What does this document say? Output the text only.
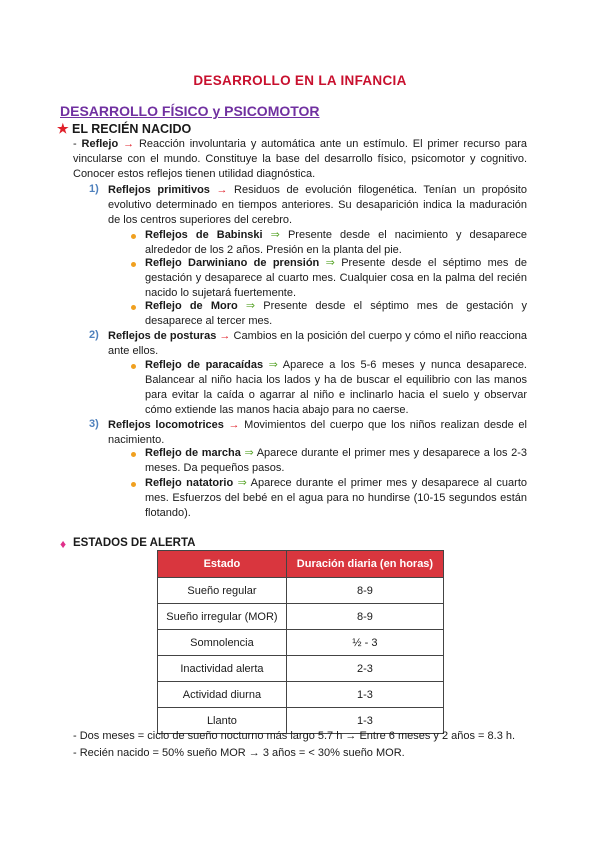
DESARROLLO EN LA INFANCIA
DESARROLLO FÍSICO y PSICOMOTOR
★ EL RECIÉN NACIDO
- Reflejo → Reacción involuntaria y automática ante un estímulo. El primer recurso para vincularse con el mundo. Constituye la base del desarrollo físico, psicomotor y cognitivo. Conocer estos reflejos tienen utilidad diagnóstica.
1) Reflejos primitivos → Residuos de evolución filogenética. Tenían un propósito evolutivo determinado en tiempos anteriores. Su desaparición indica la maduración de los centros superiores del cerebro.
Reflejos de Babinski ⇒ Presente desde el nacimiento y desaparece alrededor de los 2 años. Presión en la planta del pie.
Reflejo Darwiniano de prensión ⇒ Presente desde el séptimo mes de gestación y desaparece al cuarto mes. Cualquier cosa en la palma del recién nacido lo sujetará fuertemente.
Reflejo de Moro ⇒ Presente desde el séptimo mes de gestación y desaparece al tercer mes.
2) Reflejos de posturas → Cambios en la posición del cuerpo y cómo el niño reacciona ante ellos.
Reflejo de paracaídas ⇒ Aparece a los 5-6 meses y nunca desaparece. Balancear al niño hacia los lados y ha de buscar el equilibrio con las manos para evitar la caída o agarrar al niño e inclinarlo hacia el suelo y observar cómo extiende las manos hacia abajo para no caerse.
3) Reflejos locomotrices → Movimientos del cuerpo que los niños realizan desde el nacimiento.
Reflejo de marcha ⇒ Aparece durante el primer mes y desaparece a los 2-3 meses. Da pequeños pasos.
Reflejo natatorio ⇒ Aparece durante el primer mes y desaparece al cuarto mes. Esfuerzos del bebé en el agua para no hundirse (10-15 segundos están flotando).
♦ ESTADOS DE ALERTA
Estado	Duración diaria (en horas)
Sueño regular	8-9
Sueño irregular (MOR)	8-9
Somnolencia	½ - 3
Inactividad alerta	2-3
Actividad diurna	1-3
Llanto	1-3
- Dos meses = ciclo de sueño nocturno más largo 5.7 h → Entre 6 meses y 2 años = 8.3 h.
- Recién nacido = 50% sueño MOR → 3 años = < 30% sueño MOR.
